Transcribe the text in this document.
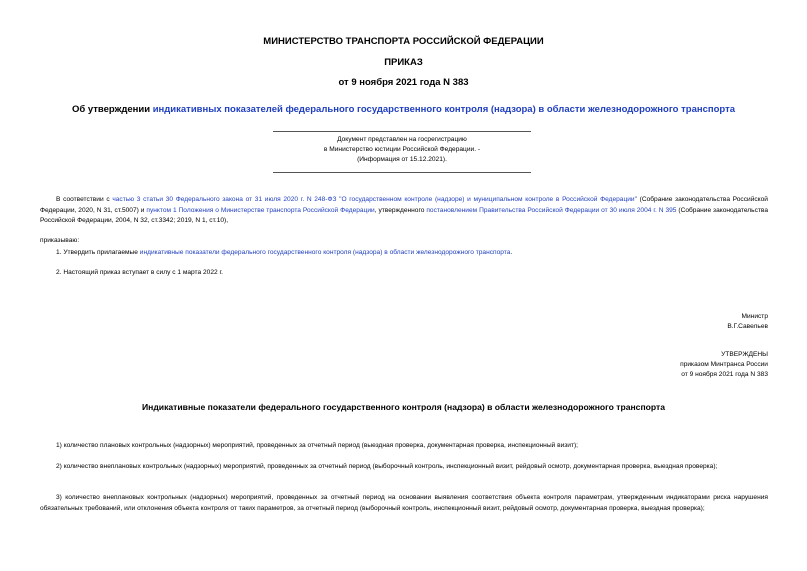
МИНИСТЕРСТВО ТРАНСПОРТА РОССИЙСКОЙ ФЕДЕРАЦИИ
ПРИКАЗ
от 9 ноября 2021 года N 383
Об утверждении индикативных показателей федерального государственного контроля (надзора) в области железнодорожного транспорта
Документ представлен на госрегистрацию
в Министерство юстиции Российской Федерации. -
(Информация от 15.12.2021).
В соответствии с частью 3 статьи 30 Федерального закона от 31 июля 2020 г. N 248-ФЗ "О государственном контроле (надзоре) и муниципальном контроле в Российской Федерации" (Собрание законодательства Российской Федерации, 2020, N 31, ст.5007) и пунктом 1 Положения о Министерстве транспорта Российской Федерации, утвержденного постановлением Правительства Российской Федерации от 30 июля 2004 г. N 395 (Собрание законодательства Российской Федерации, 2004, N 32, ст.3342; 2019, N 1, ст.10),
приказываю:
1. Утвердить прилагаемые индикативные показатели федерального государственного контроля (надзора) в области железнодорожного транспорта.
2. Настоящий приказ вступает в силу с 1 марта 2022 г.
Министр
В.Г.Савельев
УТВЕРЖДЕНЫ
приказом Минтранса России
от 9 ноября 2021 года N 383
Индикативные показатели федерального государственного контроля (надзора) в области железнодорожного транспорта
1) количество плановых контрольных (надзорных) мероприятий, проведенных за отчетный период (выездная проверка, документарная проверка, инспекционный визит);
2) количество внеплановых контрольных (надзорных) мероприятий, проведенных за отчетный период (выборочный контроль, инспекционный визит, рейдовый осмотр, документарная проверка, выездная проверка);
3) количество внеплановых контрольных (надзорных) мероприятий, проведенных за отчетный период на основании выявления соответствия объекта контроля параметрам, утвержденным индикаторами риска нарушения обязательных требований, или отклонения объекта контроля от таких параметров, за отчетный период (выборочный контроль, инспекционный визит, рейдовый осмотр, документарная проверка, выездная проверка);
